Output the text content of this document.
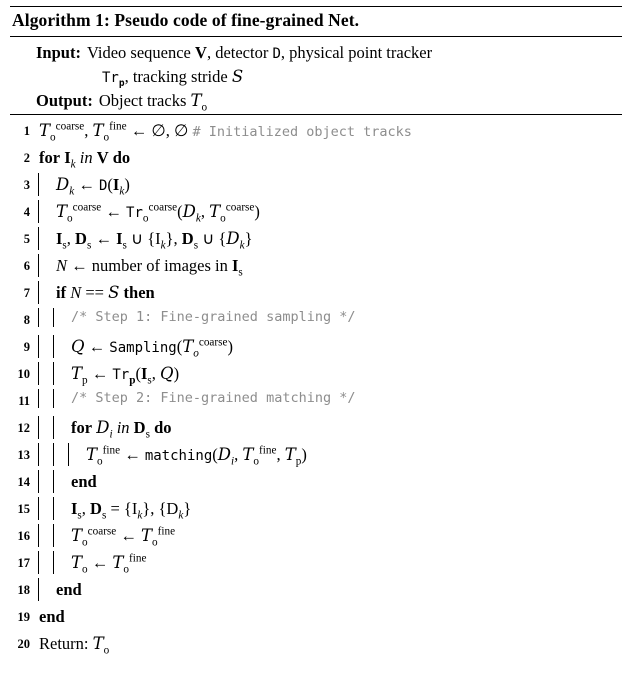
Algorithm 1: Pseudo code of fine-grained Net.
Input: Video sequence V, detector D, physical point tracker
$Tr_p$, tracking stride S
Output: Object tracks $T_o$
1 $T_o^{coarse}$, $T_o^{fine}$ ← ∅, ∅ # Initialized object tracks
2 for $I_k$ in V do
3	$D_k$ ← $D(I_k)$
4	$T_o^{coarse}$ ← $Tr_o^{coarse}(D_k$, $T_o^{coarse}$)
5	$I_s$, $D_s$ ← $I_s$ ∪ $\{I_k\}$, $D_s$ ∪ $\{D_k\}$
6	N ← number of images in $I_s$
7	if N == S then
8	/* Step 1: Fine-grained sampling */
9	Q ← $Sampling(T_o^{coarse})$
10	$T_p$ ← $Tr_p(I_s$, Q)
11	/* Step 2: Fine-grained matching */
12	for $D_i$ in $D_s$ do
13	$T_o^{fine}$ ← $matching(D_i$, $T_o^{fine}$, $T_p$)
14	end
15	$I_s$, $D_s = \{I_k\}$, $\{D_k\}$
16	$T_o^{coarse}$ ← $T_o^{fine}$
17	$T_o$ ← $T_o^{fine}$
18	end
19 end
20 Return: $T_o$
